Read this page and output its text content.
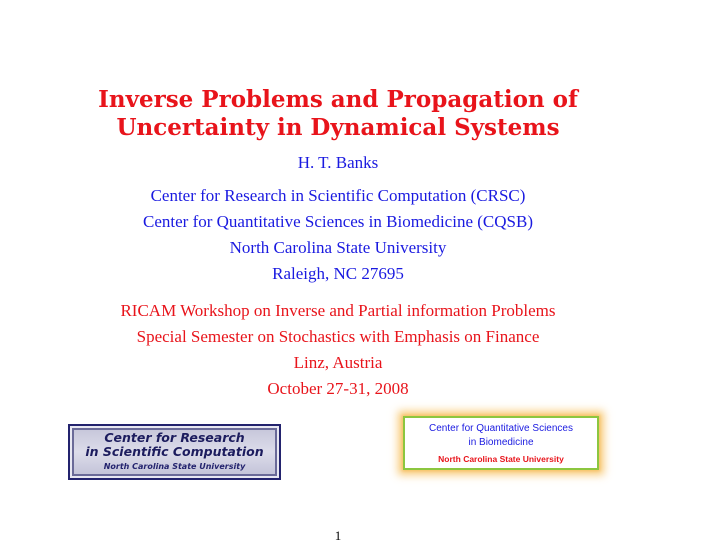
Inverse Problems and Propagation of
Uncertainty in Dynamical Systems
H. T. Banks
Center for Research in Scientific Computation (CRSC)
Center for Quantitative Sciences in Biomedicine (CQSB)
North Carolina State University
Raleigh, NC 27695
RICAM Workshop on Inverse and Partial information Problems
Special Semester on Stochastics with Emphasis on Finance
Linz, Austria
October 27-31, 2008
Center for Research
in Scientific Computation
North Carolina State University
Center for Quantitative Sciences
in Biomedicine
North Carolina State University
1
